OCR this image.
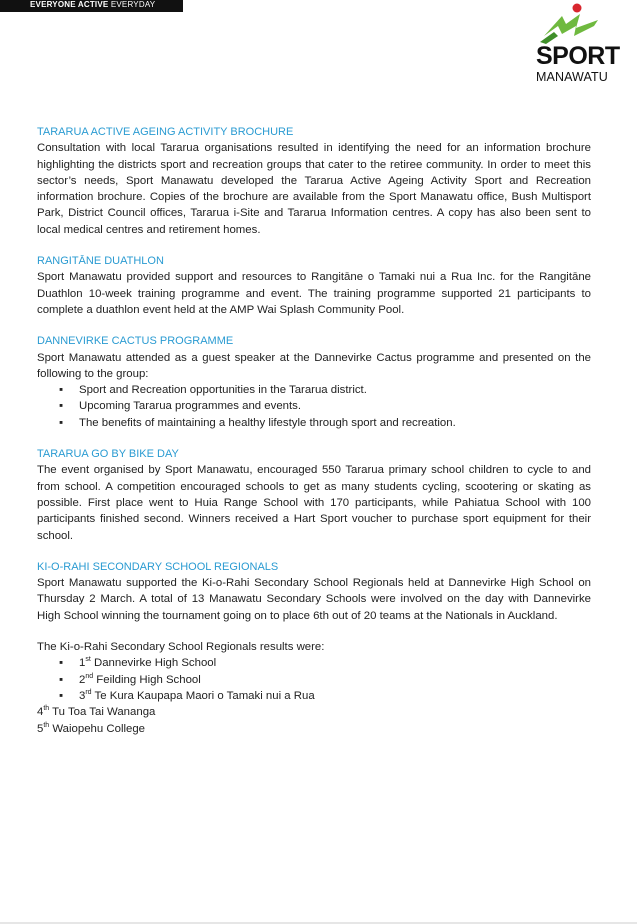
EVERYONE ACTIVE EVERYDAY
SPORT
MANAWATU

TARARUA ACTIVE AGEING ACTIVITY BROCHURE

Consultation with local Tararua organisations resulted in identifying the need for an information brochure highlighting the districts sport and recreation groups that cater to the retiree community. In order to meet this sector’s needs, Sport Manawatu developed the Tararua Active Ageing Activity Sport and Recreation information brochure. Copies of the brochure are available from the Sport Manawatu office, Bush Multisport Park, District Council offices, Tararua i-Site and Tararua Information centres. A copy has also been sent to local medical centres and retirement homes.

RANGITĀNE DUATHLON

Sport Manawatu provided support and resources to Rangitāne o Tamaki nui a Rua Inc. for the Rangitāne Duathlon 10-week training programme and event. The training programme supported 21 participants to complete a duathlon event held at the AMP Wai Splash Community Pool.

DANNEVIRKE CACTUS PROGRAMME

Sport Manawatu attended as a guest speaker at the Dannevirke Cactus programme and presented on the following to the group:

▪ Sport and Recreation opportunities in the Tararua district.
▪ Upcoming Tararua programmes and events.
▪ The benefits of maintaining a healthy lifestyle through sport and recreation.

TARARUA GO BY BIKE DAY

The event organised by Sport Manawatu, encouraged 550 Tararua primary school children to cycle to and from school. A competition encouraged schools to get as many students cycling, scootering or skating as possible. First place went to Huia Range School with 170 participants, while Pahiatua School with 100 participants finished second. Winners received a Hart Sport voucher to purchase sport equipment for their school.

KI-O-RAHI SECONDARY SCHOOL REGIONALS

Sport Manawatu supported the Ki-o-Rahi Secondary School Regionals held at Dannevirke High School on Thursday 2 March. A total of 13 Manawatu Secondary Schools were involved on the day with Dannevirke High School winning the tournament going on to place 6th out of 20 teams at the Nationals in Auckland.

The Ki-o-Rahi Secondary School Regionals results were:

▪ 1st Dannevirke High School
▪ 2nd Feilding High School
▪ 3rd Te Kura Kaupapa Maori o Tamaki nui a Rua

4th Tu Toa Tai Wananga

5th Waiopehu College
